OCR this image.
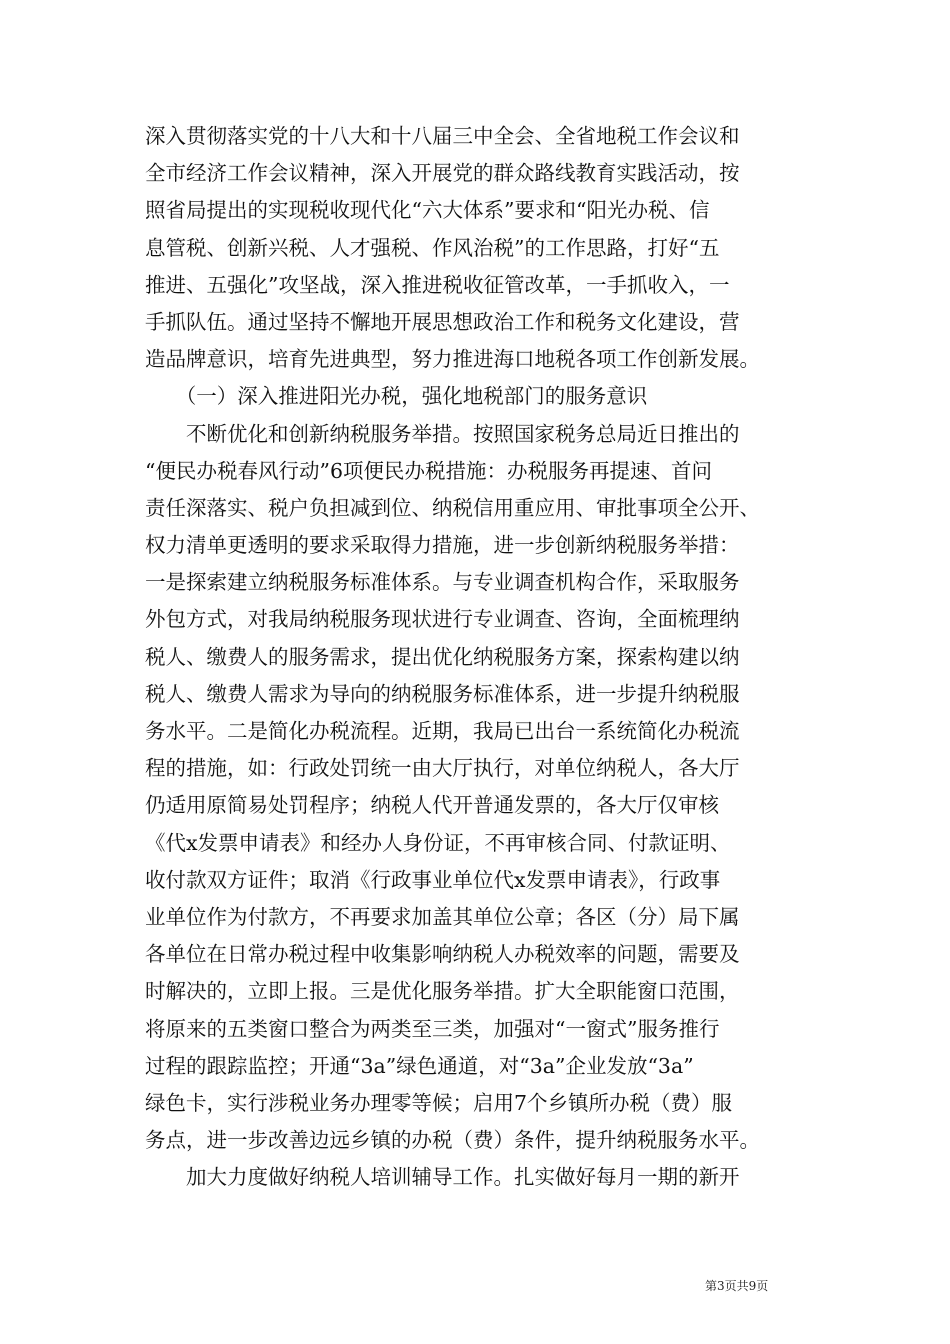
深入贯彻落实党的十八大和十八届三中全会、全省地税工作会议和
全市经济工作会议精神，深入开展党的群众路线教育实践活动，按
照省局提出的实现税收现代化“六大体系”要求和“阳光办税、信
息管税、创新兴税、人才强税、作风治税”的工作思路，打好“五
推进、五强化”攻坚战，深入推进税收征管改革，一手抓收入，一
手抓队伍。通过坚持不懈地开展思想政治工作和税务文化建设，营
造品牌意识，培育先进典型，努力推进海口地税各项工作创新发展。
　　（一）深入推进阳光办税，强化地税部门的服务意识
　　不断优化和创新纳税服务举措。按照国家税务总局近日推出的
“便民办税春风行动”6项便民办税措施：办税服务再提速、首问
责任深落实、税户负担减到位、纳税信用重应用、审批事项全公开、
权力清单更透明的要求采取得力措施，进一步创新纳税服务举措：
一是探索建立纳税服务标准体系。与专业调查机构合作，采取服务
外包方式，对我局纳税服务现状进行专业调查、咨询，全面梳理纳
税人、缴费人的服务需求，提出优化纳税服务方案，探索构建以纳
税人、缴费人需求为导向的纳税服务标准体系，进一步提升纳税服
务水平。二是简化办税流程。近期，我局已出台一系统简化办税流
程的措施，如：行政处罚统一由大厅执行，对单位纳税人，各大厅
仍适用原简易处罚程序；纳税人代开普通发票的，各大厅仅审核
《代x发票申请表》和经办人身份证，不再审核合同、付款证明、
收付款双方证件；取消《行政事业单位代x发票申请表》，行政事
业单位作为付款方，不再要求加盖其单位公章；各区（分）局下属
各单位在日常办税过程中收集影响纳税人办税效率的问题，需要及
时解决的，立即上报。三是优化服务举措。扩大全职能窗口范围，
将原来的五类窗口整合为两类至三类，加强对“一窗式”服务推行
过程的跟踪监控；开通“3a”绿色通道，对“3a”企业发放“3a”
绿色卡，实行涉税业务办理零等候；启用7个乡镇所办税（费）服
务点，进一步改善边远乡镇的办税（费）条件，提升纳税服务水平。
　　加大力度做好纳税人培训辅导工作。扎实做好每月一期的新开
第3页共9页
